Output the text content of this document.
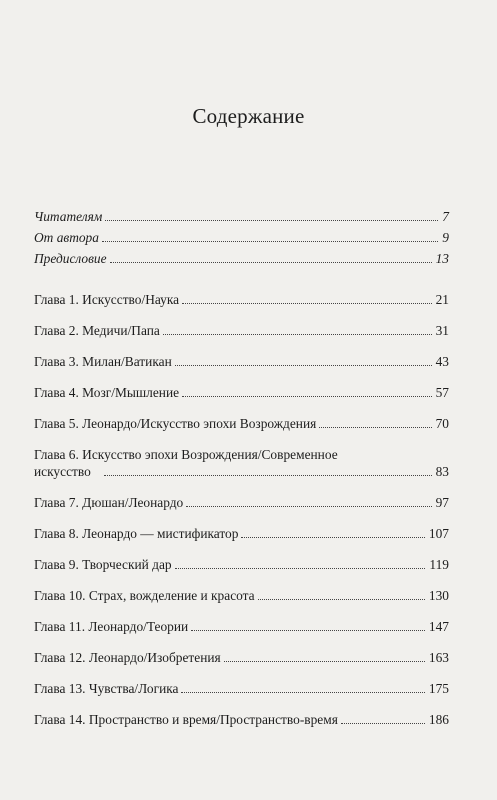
Содержание
Читателям	7
От автора	9
Предисловие	13
Глава 1. Искусство/Наука	21
Глава 2. Медичи/Папа	31
Глава 3. Милан/Ватикан	43
Глава 4. Мозг/Мышление	57
Глава 5. Леонардо/Искусство эпохи Возрождения	70
Глава 6. Искусство эпохи Возрождения/Современное
искусство	83
Глава 7. Дюшан/Леонардо	97
Глава 8. Леонардо — мистификатор	107
Глава 9. Творческий дар	119
Глава 10. Страх, вожделение и красота	130
Глава 11. Леонардо/Теории	147
Глава 12. Леонардо/Изобретения	163
Глава 13. Чувства/Логика	175
Глава 14. Пространство и время/Пространство-время	186
